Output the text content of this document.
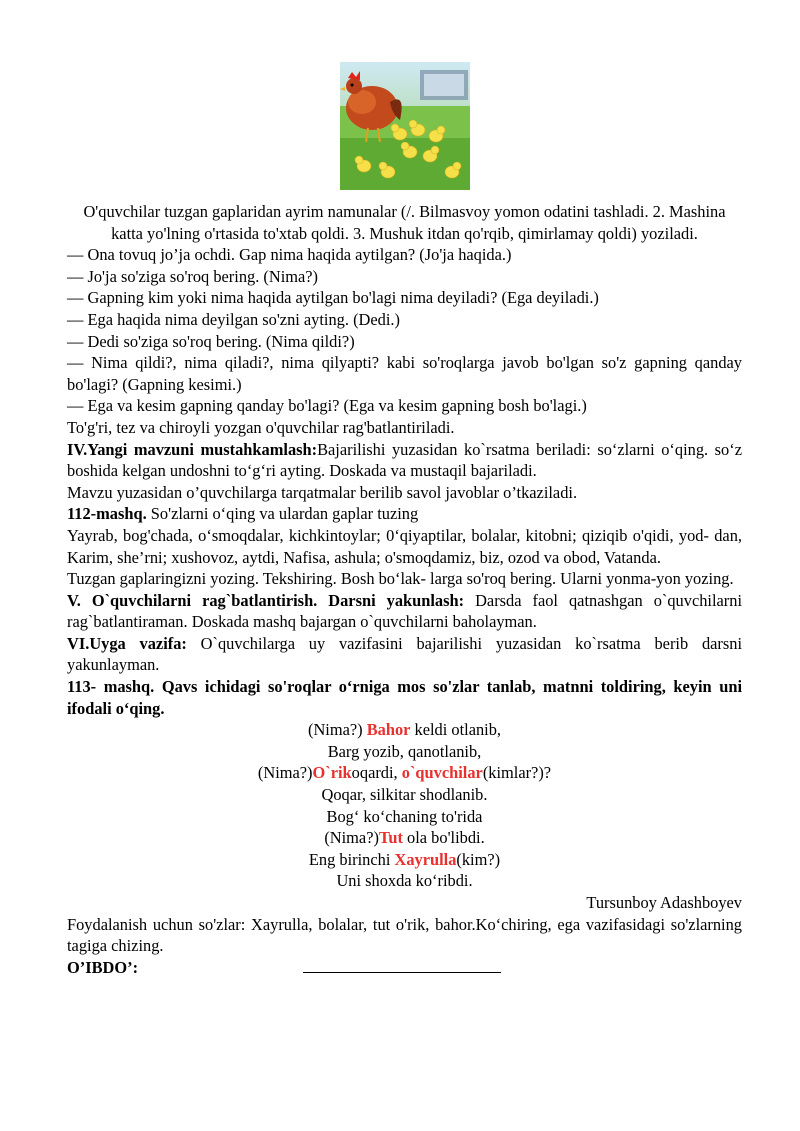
O'quvchilar tuzgan gaplaridan ayrim namunalar (/. Bilmasvoy yomon odatini tashladi. 2. Mashina katta yo'lning o'rtasida to'xtab qoldi. 3. Mushuk itdan qo'rqib, qimirlamay qoldi) yoziladi.

— Ona tovuq jo’ja ochdi. Gap nima haqida aytilgan? (Jo'ja haqida.)

— Jo'ja so'ziga so'roq bering. (Nima?)

— Gapning kim yoki nima haqida aytilgan bo'lagi nima deyiladi? (Ega deyiladi.)

— Ega haqida nima deyilgan so'zni ayting. (Dedi.)

— Dedi so'ziga so'roq bering. (Nima qildi?)

— Nima qildi?, nima qiladi?, nima qilyapti? kabi so'roqlarga javob bo'lgan so'z gapning qanday bo'lagi? (Gapning kesimi.)

— Ega va kesim gapning qanday bo'lagi? (Ega va kesim gapning bosh bo'lagi.)

To'g'ri, tez va chiroyli yozgan o'quvchilar rag'batlantiriladi.

IV.Yangi mavzuni mustahkamlash:Bajarilishi yuzasidan ko`rsatma beriladi: so‘zlarni o‘qing. so‘z boshida kelgan undoshni to‘g‘ri ayting. Doskada va mustaqil bajariladi.

Mavzu yuzasidan o’quvchilarga tarqatmalar berilib savol javoblar o’tkaziladi.

112-mashq. So'zlarni o‘qing va ulardan gaplar tuzing

Yayrab, bog'chada, o‘smoqdalar, kichkintoylar; 0‘qiyaptilar, bolalar, kitobni; qiziqib o'qidi, yod- dan, Karim, she’rni; xushovoz, aytdi, Nafisa, ashula; o'smoqdamiz, biz, ozod va obod, Vatanda.

Tuzgan gaplaringizni yozing. Tekshiring. Bosh bo‘lak- larga so'roq bering. Ularni yonma-yon yozing.

V. O`quvchilarni rag`batlantirish. Darsni yakunlash: Darsda faol qatnashgan o`quvchilarni rag`batlantiraman. Doskada mashq bajargan o`quvchilarni baholayman.

VI.Uyga vazifa: O`quvchilarga uy vazifasini bajarilishi yuzasidan ko`rsatma berib darsni yakunlayman.

113- mashq. Qavs ichidagi so'roqlar o‘rniga mos so'zlar tanlab, matnni toldiring, keyin uni ifodali o‘qing.

(Nima?) Bahor keldi otlanib,

Barg yozib, qanotlanib,

(Nima?)O`rikoqardi, o`quvchilar(kimlar?)?

Qoqar, silkitar shodlanib.

Bog‘ ko‘chaning to'rida

(Nima?)Tut ola bo'libdi.

Eng birinchi Xayrulla(kim?)

Uni shoxda ko‘ribdi.

Tursunboy Adashboyev

Foydalanish uchun so'zlar: Xayrulla, bolalar, tut o'rik, bahor.Ko‘chiring, ega vazifasidagi so'zlarning tagiga chizing.

O’IBDO’:
